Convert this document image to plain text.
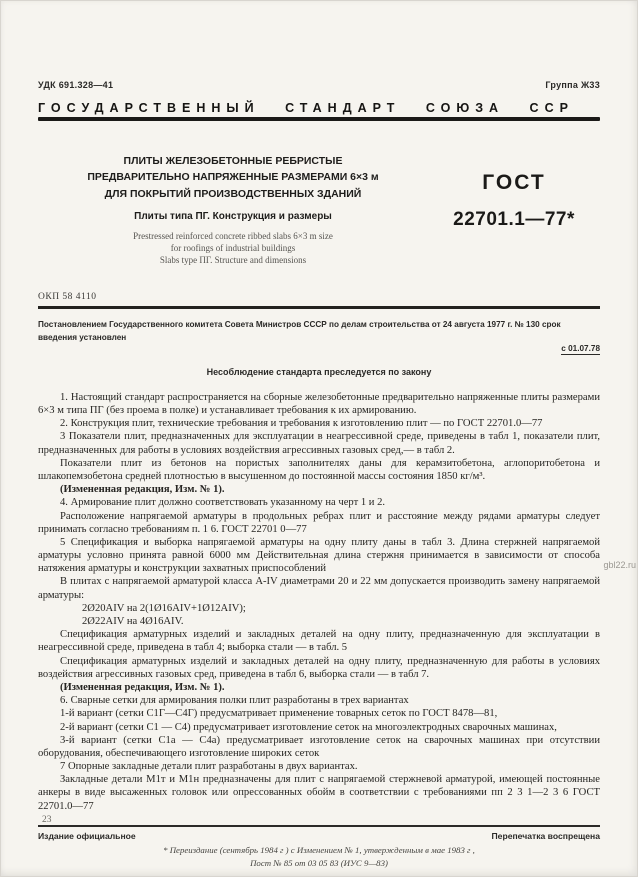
УДК 691.328—41	Группа Ж33
ГОСУДАРСТВЕННЫЙ СТАНДАРТ СОЮЗА ССР
ПЛИТЫ ЖЕЛЕЗОБЕТОННЫЕ РЕБРИСТЫЕ
ПРЕДВАРИТЕЛЬНО НАПРЯЖЕННЫЕ РАЗМЕРАМИ 6×3 м
ДЛЯ ПОКРЫТИЙ ПРОИЗВОДСТВЕННЫХ ЗДАНИЙ
Плиты типа ПГ. Конструкция и размеры
Prestressed reinforced concrete ribbed slabs 6×3 m size
for roofings of industrial buildings
Slabs type ПГ. Structure and dimensions
ГОСТ
22701.1—77*
ОКП 58 4110
Постановлением Государственного комитета Совета Министров СССР по делам строительства от 24 августа 1977 г. № 130 срок введения установлен
с 01.07.78
Несоблюдение стандарта преследуется по закону

1. Настоящий стандарт распространяется на сборные железобетонные предварительно напряженные плиты размерами 6×3 м типа ПГ (без проема в полке) и устанавливает требования к их армированию.

2. Конструкция плит, технические требования и требования к изготовлению плит — по ГОСТ 22701.0—77

3 Показатели плит, предназначенных для эксплуатации в неагрессивной среде, приведены в табл 1, показатели плит, предназначенных для работы в условиях воздействия агрессивных газовых сред,— в табл 2.

Показатели плит из бетонов на пористых заполнителях даны для керамзитобетона, аглопоритобетона и шлакопемзобетона средней плотностью в высушенном до постоянной массы состояния 1850 кг/м³.

(Измененная редакция, Изм. № 1).

4. Армирование плит должно соответствовать указанному на черт 1 и 2.

Расположение напрягаемой арматуры в продольных ребрах плит и расстояние между рядами арматуры следует принимать согласно требованиям п. 1 6. ГОСТ 22701 0—77

5 Спецификация и выборка напрягаемой арматуры на одну плиту даны в табл 3. Длина стержней напрягаемой арматуры условно принята равной 6000 мм Действительная длина стержня принимается в зависимости от способа натяжения арматуры и конструкции захватных приспособлений

В плитах с напрягаемой арматурой класса A-IV диаметрами 20 и 22 мм допускается производить замену напрягаемой арматуры:

2Ø20AIV на 2(1Ø16AIV+1Ø12AIV);

2Ø22AIV на 4Ø16AIV.

Спецификация арматурных изделий и закладных деталей на одну плиту, предназначенную для эксплуатации в неагрессивной среде, приведена в табл 4; выборка стали — в табл. 5

Спецификация арматурных изделий и закладных деталей на одну плиту, предназначенную для работы в условиях воздействия агрессивных газовых сред, приведена в табл 6, выборка стали — в табл 7.

(Измененная редакция, Изм. № 1).

6. Сварные сетки для армирования полки плит разработаны в трех вариантах

1-й вариант (сетки С1Г—С4Г) предусматривает применение товарных сеток по ГОСТ 8478—81,

2-й вариант (сетки С1 — С4) предусматривает изготовление сеток на многоэлектродных сварочных машинах,

3-й вариант (сетки С1а — С4а) предусматривает изготовление сеток на сварочных машинах при отсутствии оборудования, обеспечивающего изготовление широких сеток

7 Опорные закладные детали плит разработаны в двух вариантах.

Закладные детали М1т и М1н предназначены для плит с напрягаемой стержневой арматурой, имеющей постоянные анкеры в виде высаженных головок или опрессованных обойм в соответствии с требованиями пп 2 3 1—2 3 6 ГОСТ 22701.0—77

Издание официальное	Перепечатка воспрещена
* Переиздание (сентябрь 1984 г ) с Изменением № 1, утвержденным в мае 1983 г ,
Пост № 85 от 03 05 83 (ИУС 9—83)
23
gbl22.ru
